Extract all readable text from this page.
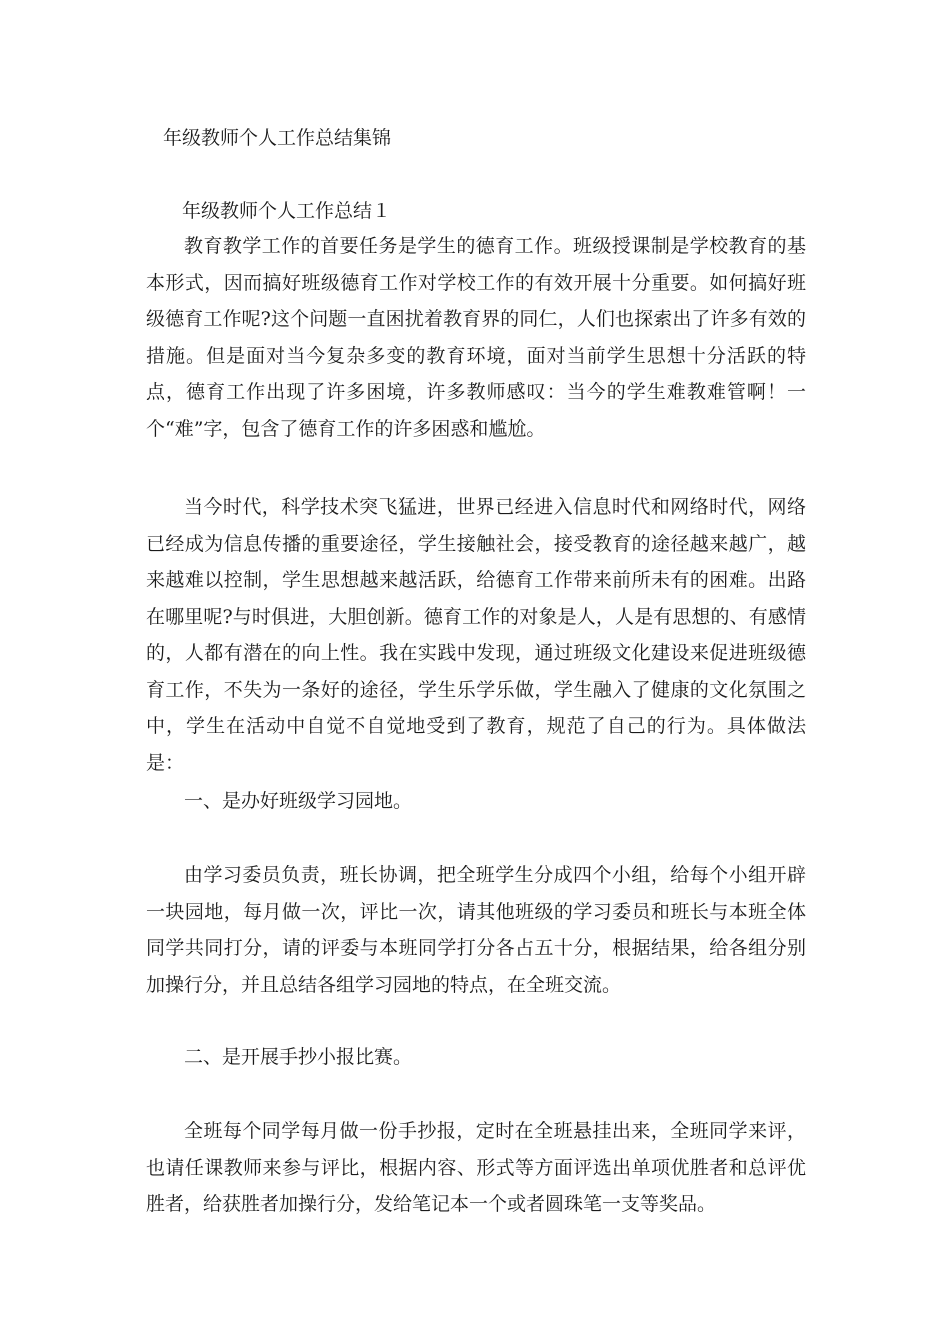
年级教师个人工作总结集锦
年级教师个人工作总结１

教育教学工作的首要任务是学生的德育工作。班级授课制是学校教育的基本形式，因而搞好班级德育工作对学校工作的有效开展十分重要。如何搞好班级德育工作呢?这个问题一直困扰着教育界的同仁，人们也探索出了许多有效的措施。但是面对当今复杂多变的教育环境，面对当前学生思想十分活跃的特点，德育工作出现了许多困境，许多教师感叹：当今的学生难教难管啊！一个“难”字，包含了德育工作的许多困惑和尴尬。

当今时代，科学技术突飞猛进，世界已经进入信息时代和网络时代，网络已经成为信息传播的重要途径，学生接触社会，接受教育的途径越来越广，越来越难以控制，学生思想越来越活跃，给德育工作带来前所未有的困难。出路在哪里呢?与时俱进，大胆创新。德育工作的对象是人，人是有思想的、有感情的，人都有潜在的向上性。我在实践中发现，通过班级文化建设来促进班级德育工作，不失为一条好的途径，学生乐学乐做，学生融入了健康的文化氛围之中，学生在活动中自觉不自觉地受到了教育，规范了自己的行为。具体做法是：

一、是办好班级学习园地。

由学习委员负责，班长协调，把全班学生分成四个小组，给每个小组开辟一块园地，每月做一次，评比一次，请其他班级的学习委员和班长与本班全体同学共同打分，请的评委与本班同学打分各占五十分，根据结果，给各组分别加操行分，并且总结各组学习园地的特点，在全班交流。

二、是开展手抄小报比赛。

全班每个同学每月做一份手抄报，定时在全班悬挂出来，全班同学来评，也请任课教师来参与评比，根据内容、形式等方面评选出单项优胜者和总评优胜者，给获胜者加操行分，发给笔记本一个或者圆珠笔一支等奖品。
